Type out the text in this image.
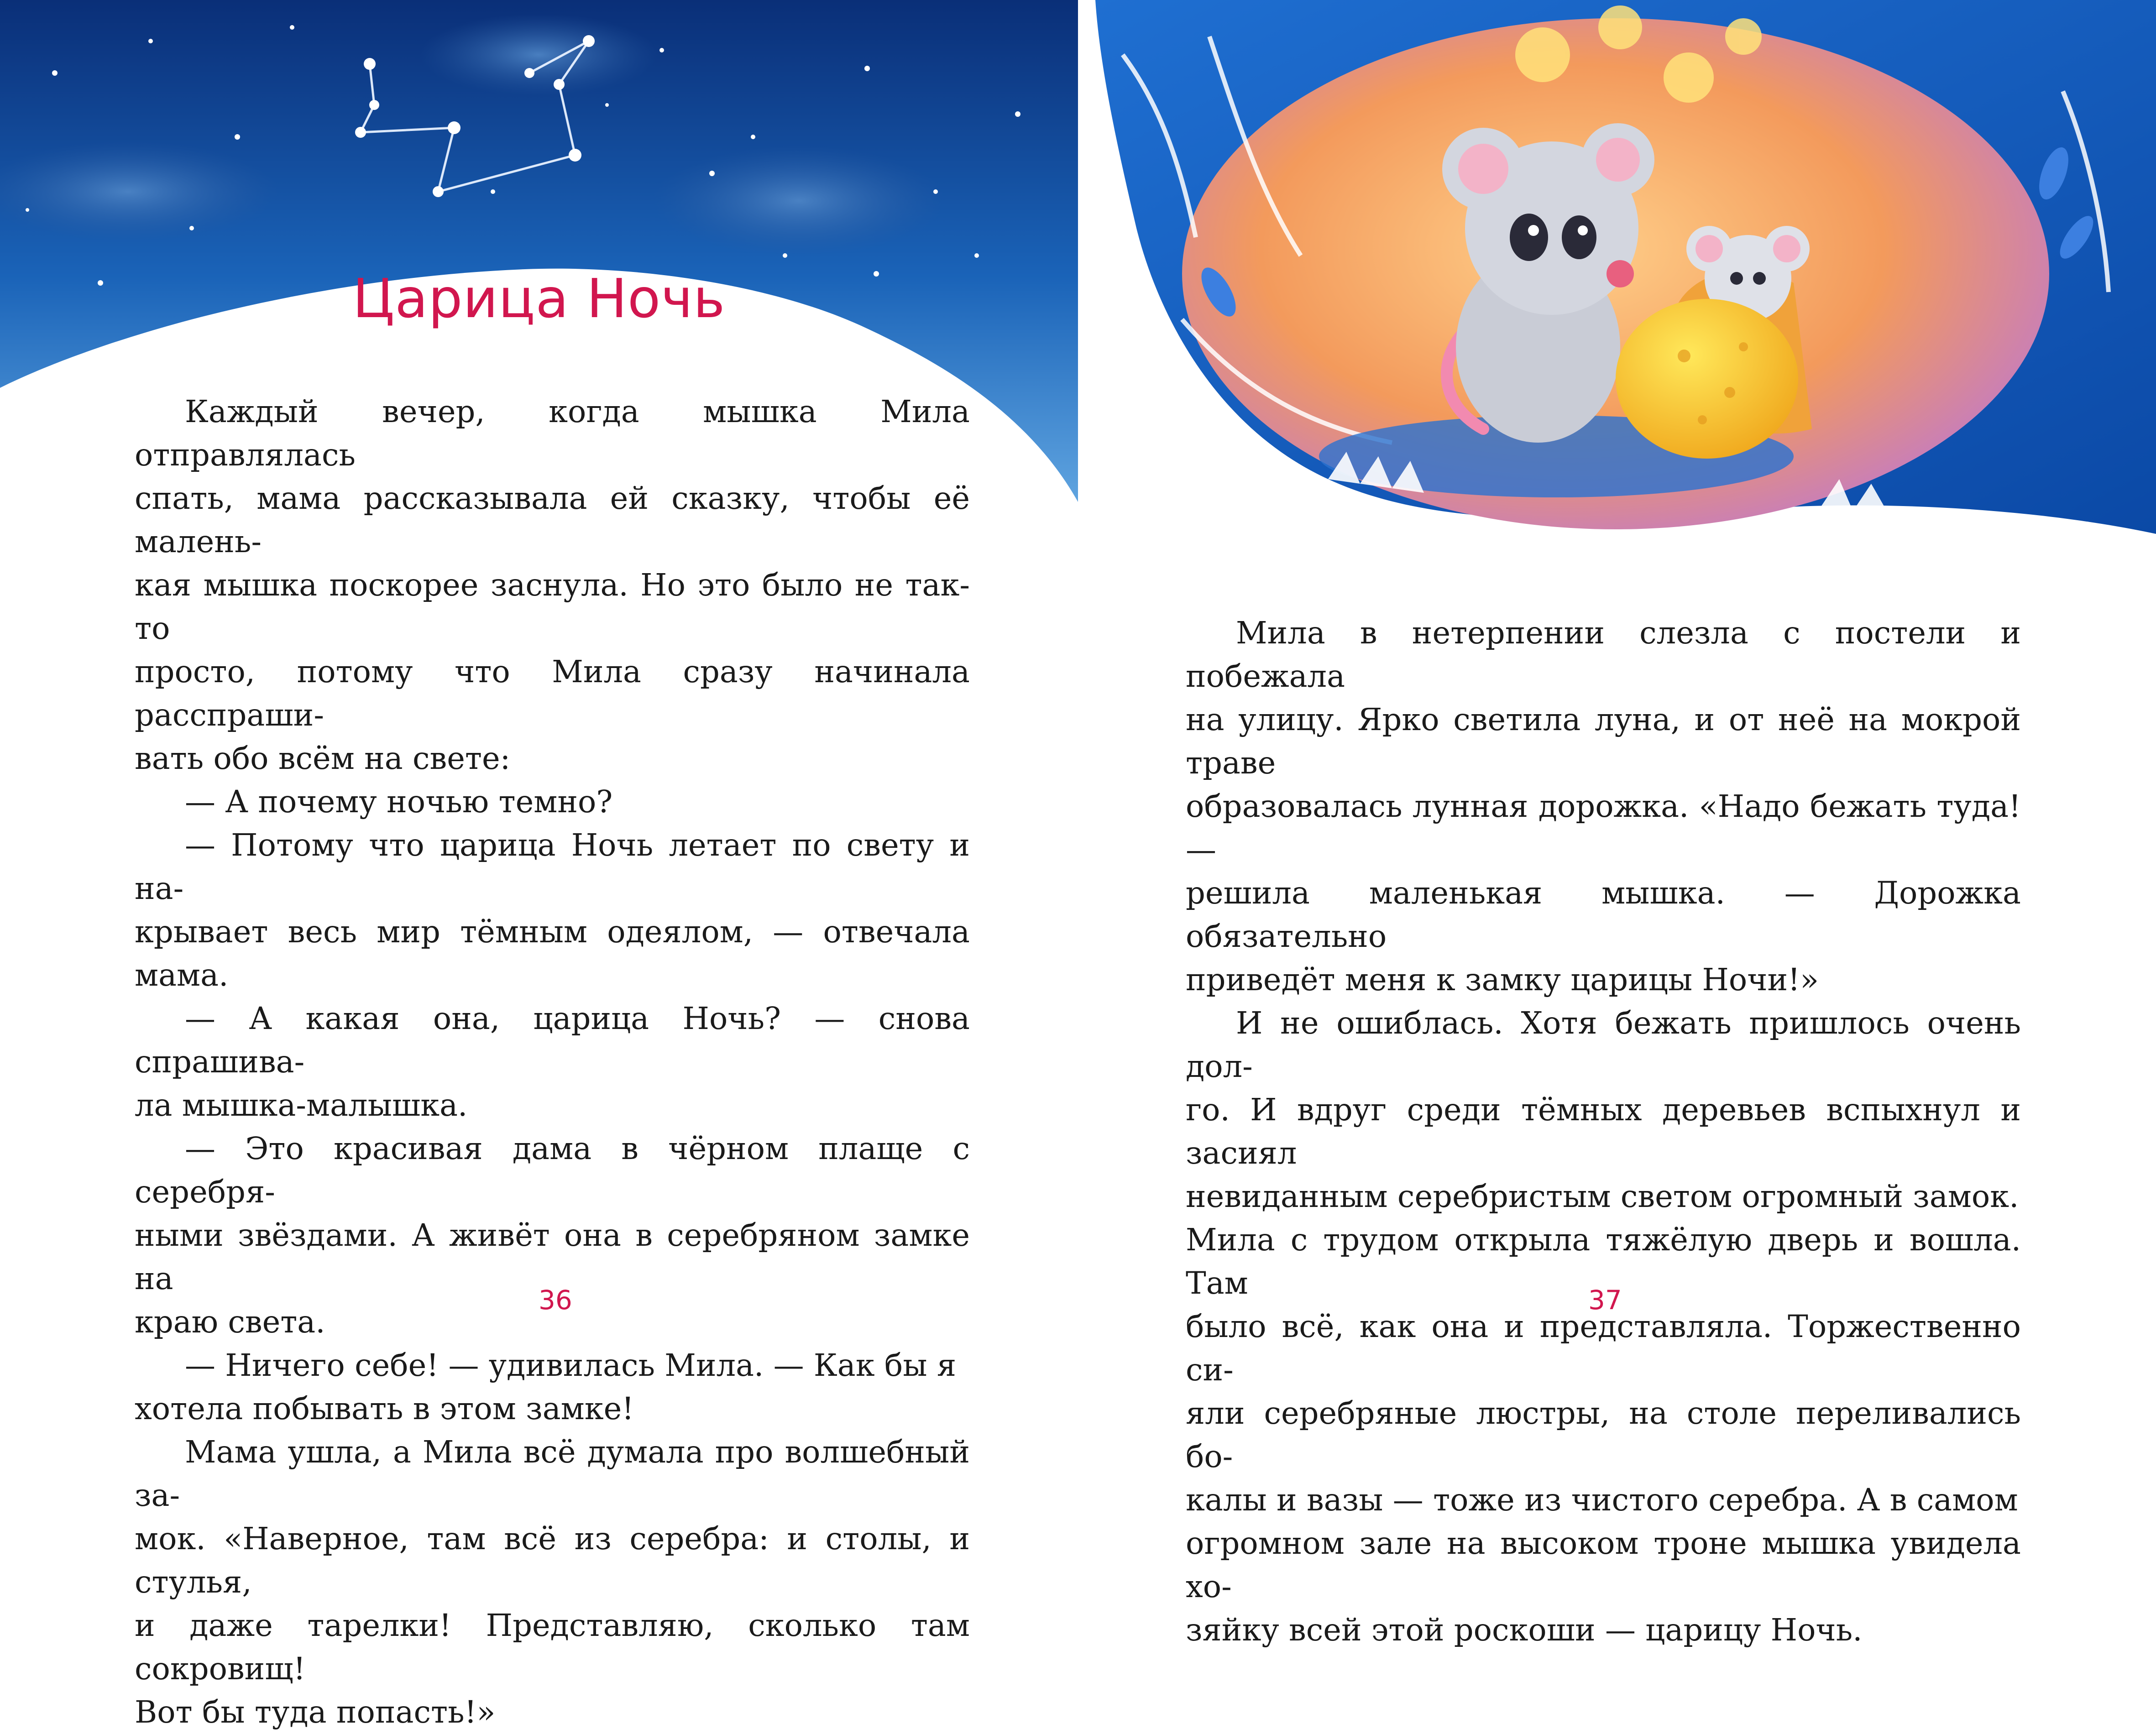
Царица Ночь

Каждый вечер, когда мышка Мила отправлялась

спать, мама рассказывала ей сказку, чтобы её малень-

кая мышка поскорее заснула. Но это было не так-то

просто, потому что Мила сразу начинала расспраши-

вать обо всём на свете:

— А почему ночью темно?

— Потому что царица Ночь летает по свету и на-

крывает весь мир тёмным одеялом, — отвечала мама.

— А какая она, царица Ночь? — снова спрашива-

ла мышка-малышка.

— Это красивая дама в чёрном плаще с серебря-

ными звёздами. А живёт она в серебряном замке на

краю света.

— Ничего себе! — удивилась Мила. — Как бы я

хотела побывать в этом замке!

Мама ушла, а Мила всё думала про волшебный за-

мок. «Наверное, там всё из серебра: и столы, и стулья,

и даже тарелки! Представляю, сколько там сокровищ!

Вот бы туда попасть!»

Мила в нетерпении слезла с постели и побежала

на улицу. Ярко светила луна, и от неё на мокрой траве

образовалась лунная дорожка. «Надо бежать туда! —

решила маленькая мышка. — Дорожка обязательно

приведёт меня к замку царицы Ночи!»

И не ошиблась. Хотя бежать пришлось очень дол-

го. И вдруг среди тёмных деревьев вспыхнул и засиял

невиданным серебристым светом огромный замок.

Мила с трудом открыла тяжёлую дверь и вошла. Там

было всё, как она и представляла. Торжественно си-

яли серебряные люстры, на столе переливались бо-

калы и вазы — тоже из чистого серебра. А в самом

огромном зале на высоком троне мышка увидела хо-

зяйку всей этой роскоши — царицу Ночь.

36	37
